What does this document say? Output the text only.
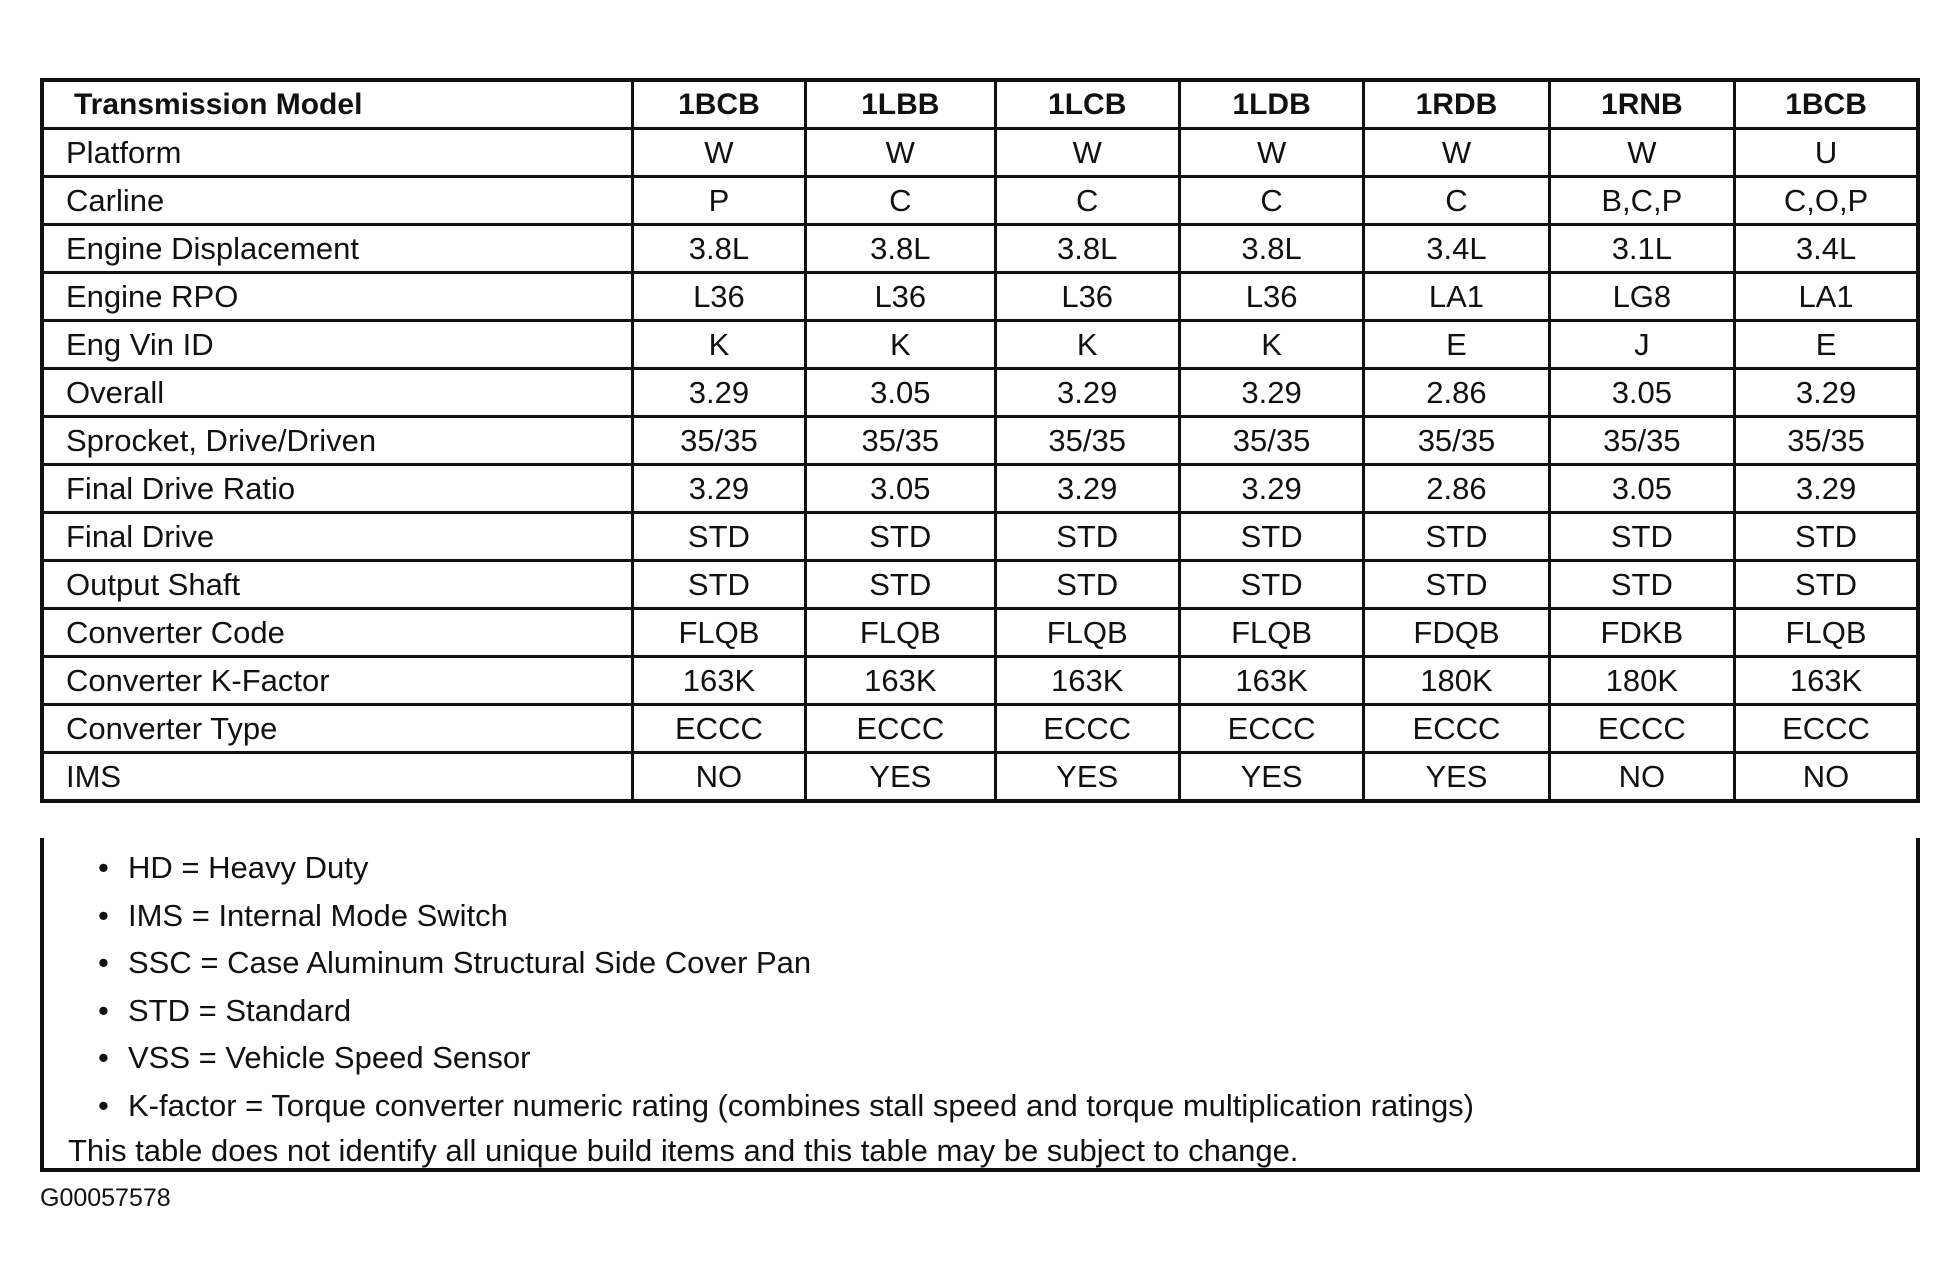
Transmission Model	1BCB	1LBB	1LCB	1LDB	1RDB	1RNB	1BCB
Platform	W	W	W	W	W	W	U
Carline	P	C	C	C	C	B,C,P	C,O,P
Engine Displacement	3.8L	3.8L	3.8L	3.8L	3.4L	3.1L	3.4L
Engine RPO	L36	L36	L36	L36	LA1	LG8	LA1
Eng Vin ID	K	K	K	K	E	J	E
Overall	3.29	3.05	3.29	3.29	2.86	3.05	3.29
Sprocket, Drive/Driven	35/35	35/35	35/35	35/35	35/35	35/35	35/35
Final Drive Ratio	3.29	3.05	3.29	3.29	2.86	3.05	3.29
Final Drive	STD	STD	STD	STD	STD	STD	STD
Output Shaft	STD	STD	STD	STD	STD	STD	STD
Converter Code	FLQB	FLQB	FLQB	FLQB	FDQB	FDKB	FLQB
Converter K-Factor	163K	163K	163K	163K	180K	180K	163K
Converter Type	ECCC	ECCC	ECCC	ECCC	ECCC	ECCC	ECCC
IMS	NO	YES	YES	YES	YES	NO	NO
• HD = Heavy Duty
• IMS = Internal Mode Switch
• SSC = Case Aluminum Structural Side Cover Pan
• STD = Standard
• VSS = Vehicle Speed Sensor
• K-factor = Torque converter numeric rating (combines stall speed and torque multiplication ratings)
This table does not identify all unique build items and this table may be subject to change.
G00057578
